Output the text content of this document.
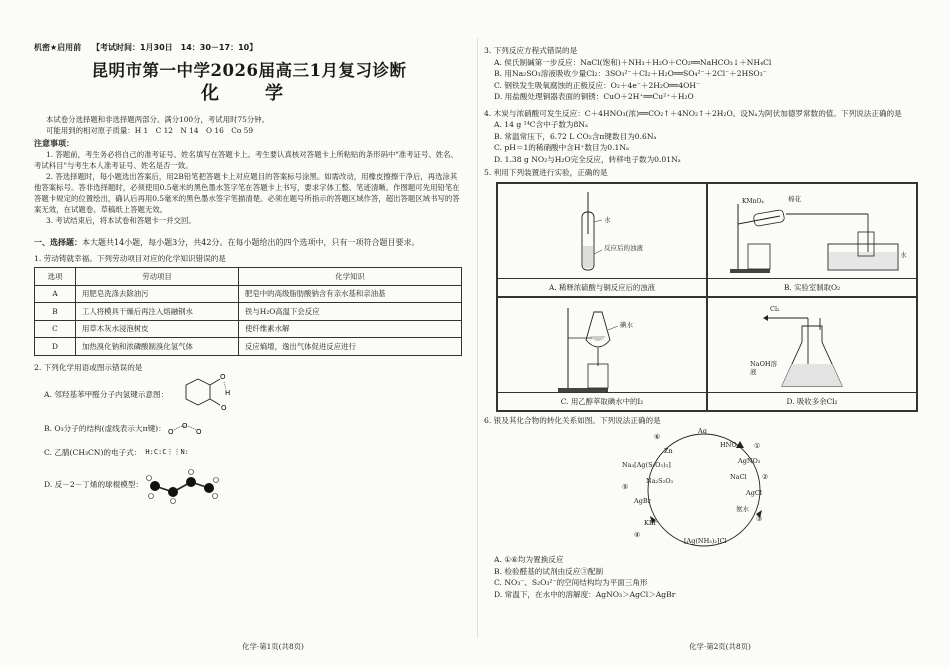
机密★启用前 【考试时间：1月30日　14：30－17：10】
昆明市第一中学2026届高三1月复习诊断
化　学
本试卷分选择题和非选择题两部分。满分100分，考试用时75分钟。
可能用到的相对原子质量：H 1　C 12　N 14　O 16　Co 59
注意事项：
1. 答题前，考生务必将自己的准考证号、姓名填写在答题卡上。考生要认真核对答题卡上所粘贴的条形码中"准考证号、姓名、考试科目"与考生本人准考证号、姓名是否一致。
2. 答选择题时，每小题选出答案后，用2B铅笔把答题卡上对应题目的答案标号涂黑。如需改动，用橡皮擦擦干净后，再选涂其他答案标号。答非选择题时，必须使用0.5毫米的黑色墨水签字笔在答题卡上书写，要求字体工整、笔迹清晰。作图题可先用铅笔在答题卡规定的位置绘出，确认后再用0.5毫米的黑色墨水签字笔描清楚。必须在题号所指示的答题区域作答，超出答题区域书写的答案无效，在试题卷、草稿纸上答题无效。
3. 考试结束后，将本试卷和答题卡一并交回。
一、选择题：本大题共14小题，每小题3分，共42分。在每小题给出的四个选项中，只有一项符合题目要求。
1. 劳动铸就幸福。下列劳动项目对应的化学知识错误的是
选项	劳动项目	化学知识
A	用肥皂洗涤去除油污	肥皂中的高级脂肪酸钠含有亲水基和亲油基
B	工人将模具干燥后再注入熔融钢水	铁与H₂O高温下会反应
C	用草木灰水浸泡树皮	使纤维素水解
D	加热溴化钠和浓磷酸制溴化氢气体	反应熵增，逸出气体促进反应进行
2. 下列化学用语或图示错误的是
A. 邻羟基苯甲醛分子内氢键示意图：
O
O
H
B. O₃分子的结构(虚线表示大π键)： O
O
O
C. 乙腈(CH₃CN)的电子式： H:C:C⋮⋮N:
D. 反－2－丁烯的球棍模型：
化学·第1页(共8页)
3. 下列反应方程式错误的是
A. 侯氏制碱第一步反应：NaCl(饱和)＋NH₃＋H₂O＋CO₂══NaHCO₃↓＋NH₄Cl
B. 用Na₂SO₃溶液吸收少量Cl₂：3SO₃²⁻＋Cl₂＋H₂O══SO₄²⁻＋2Cl⁻＋2HSO₃⁻
C. 钢铁发生吸氧腐蚀的正极反应：O₂＋4e⁻＋2H₂O══4OH⁻
D. 用盐酸处理铜器表面的铜锈：CuO＋2H⁺══Cu²⁺＋H₂O
4. 木炭与浓硝酸可发生反应：C＋4HNO₃(浓)══CO₂↑＋4NO₂↑＋2H₂O。设Nₐ为阿伏加德罗常数的值。下列说法正确的是
A. 14 g ¹⁴C含中子数为8Nₐ
B. 常温常压下，6.72 L CO₂含π键数目为0.6Nₐ
C. pH＝1的稀硝酸中含H⁺数目为0.1Nₐ
D. 1.38 g NO₂与H₂O完全反应，转移电子数为0.01Nₐ
5. 利用下列装置进行实验，正确的是
水
反应后的浊液
A. 稀释浓硫酸与铜反应后的浊液
KMnO₄	棉花
水
B. 实验室制取O₂
碘水
C. 用乙醇萃取碘水中的I₂
Cl₂
NaOH溶液
D. 吸收多余Cl₂
6. 银及其化合物的转化关系如图。下列说法正确的是
Ag
HNO₃ ①
AgNO₃
NaCl ②
AgCl
氨水
③
[Ag(NH₃)₂]Cl
KBr
④
AgBr
Na₂S₂O₃
⑤
Na₃[Ag(S₂O₃)₂]
Zn
⑥
A. ①⑥均为置换反应
B. 检验醛基的试剂由反应③配制
C. NO₃⁻、S₂O₃²⁻的空间结构均为平面三角形
D. 常温下，在水中的溶解度：AgNO₃＞AgCl＞AgBr
化学·第2页(共8页)
